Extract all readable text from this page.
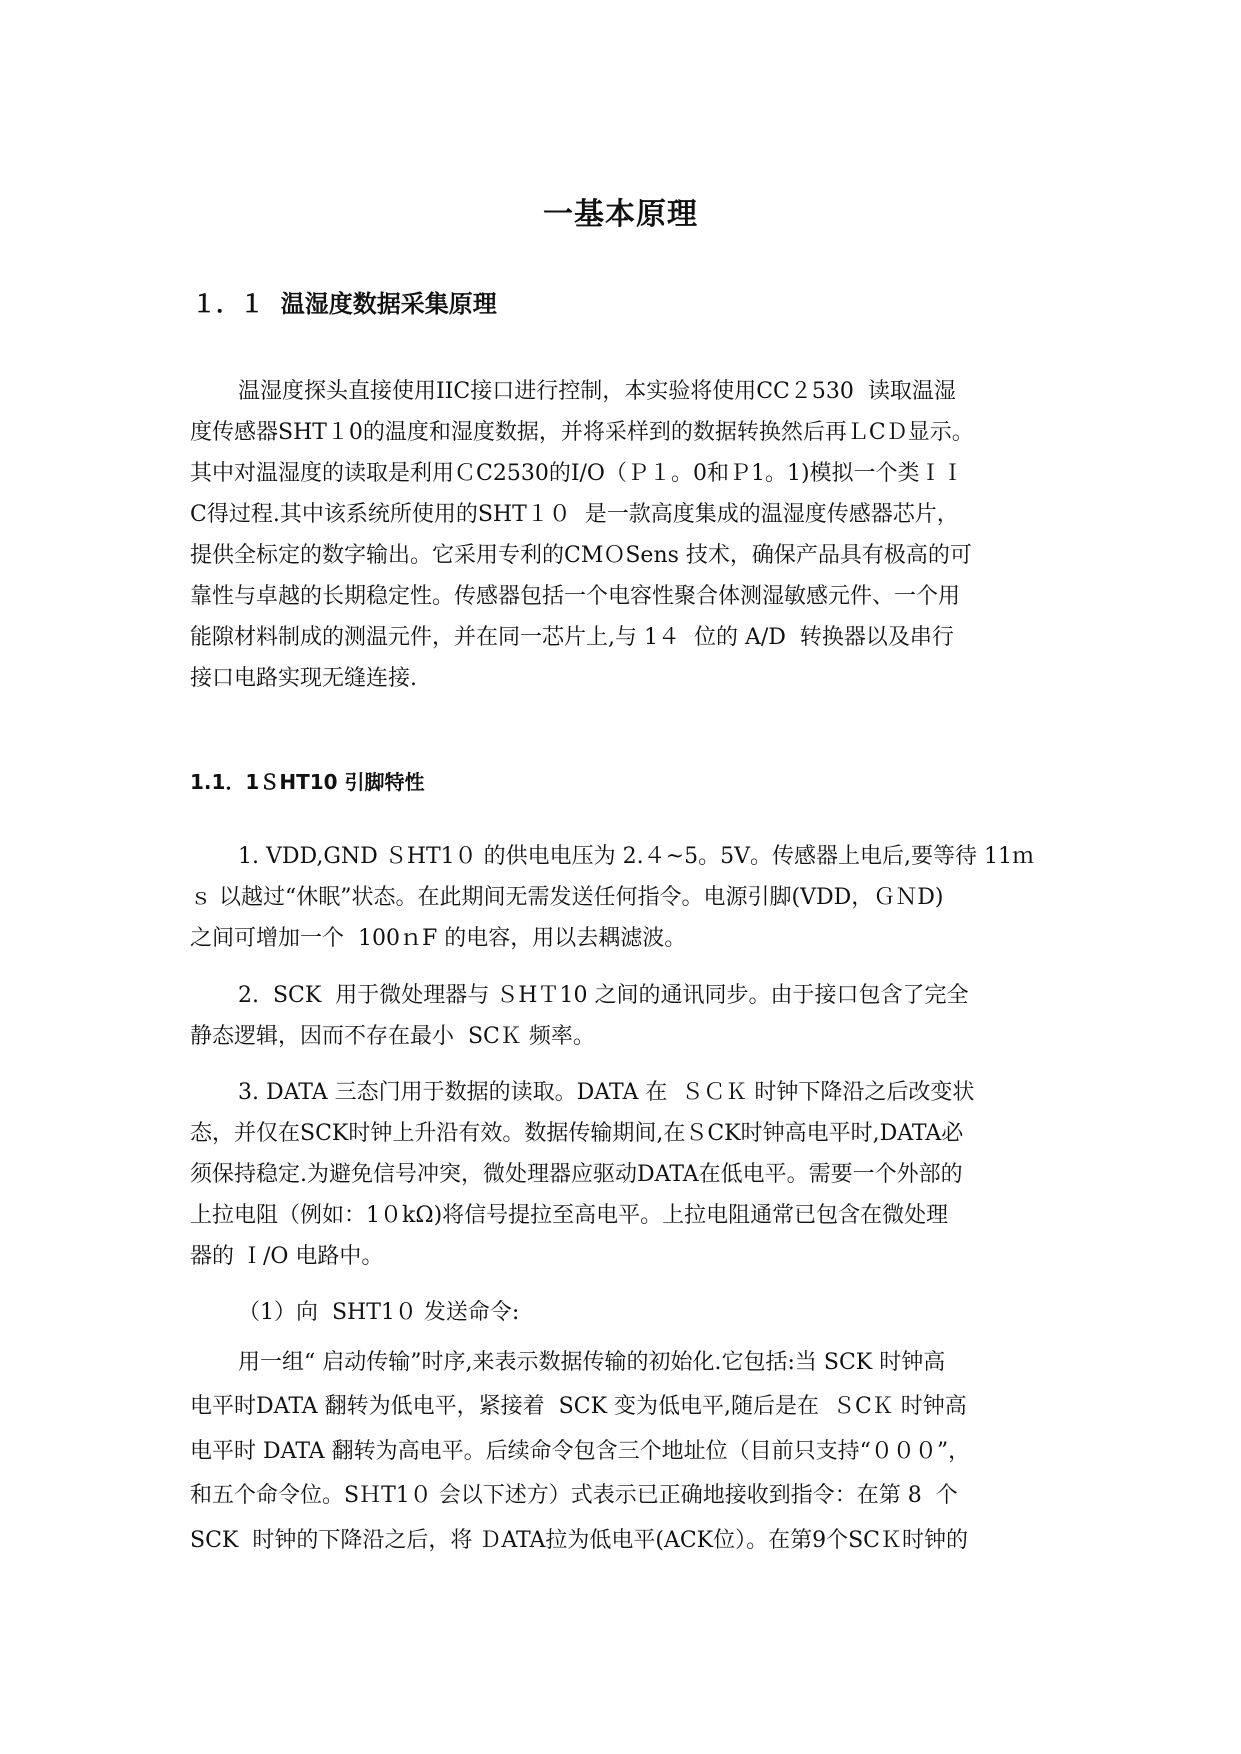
一基本原理
１．１  温湿度数据采集原理
温湿度探头直接使用IIC接口进行控制，本实验将使用CC２530  读取温湿
度传感器SHT１0的温度和湿度数据，并将采样到的数据转换然后再ＬCＤ显示。
其中对温湿度的读取是利用ＣC2530的I/O（Ｐ１。0和Ｐ1。1)模拟一个类ＩＩ
C得过程.其中该系统所使用的SHT１０  是一款高度集成的温湿度传感器芯片，
提供全标定的数字输出。它采用专利的CMＯSens 技术，确保产品具有极高的可
靠性与卓越的长期稳定性。传感器包括一个电容性聚合体测湿敏感元件、一个用
能隙材料制成的测温元件，并在同一芯片上,与 1４  位的 A/D  转换器以及串行
接口电路实现无缝连接.
1.1．1ＳHT10 引脚特性
1. VDD,GND ＳHT1０ 的供电电压为 2.４~5。5V。传感器上电后,要等待 11ｍ
ｓ 以越过“休眠”状态。在此期间无需发送任何指令。电源引脚(VDD，ＧＮD)
之间可增加一个  100ｎF 的电容，用以去耦滤波。
2.  SCK  用于微处理器与 ＳHＴ10 之间的通讯同步。由于接口包含了完全
静态逻辑，因而不存在最小  SCＫ 频率。
3. DATA 三态门用于数据的读取。DATA 在  ＳＣＫ 时钟下降沿之后改变状
态，并仅在SCK时钟上升沿有效。数据传输期间,在ＳCK时钟高电平时,DATA必
须保持稳定.为避免信号冲突，微处理器应驱动DATA在低电平。需要一个外部的
上拉电阻（例如：1０kΩ)将信号提拉至高电平。上拉电阻通常已包含在微处理
器的 Ｉ/O 电路中。
（1）向  SHT1０ 发送命令:
用一组“ 启动传输”时序,来表示数据传输的初始化.它包括:当 SCK 时钟高
电平时DATA 翻转为低电平，紧接着  SCK 变为低电平,随后是在  ＳCＫ 时钟高
电平时 DATA 翻转为高电平。后续命令包含三个地址位（目前只支持“０００”，
和五个命令位。SＨT1０ 会以下述方）式表示已正确地接收到指令：在第 8  个
SCK  时钟的下降沿之后，将 ＤATA拉为低电平(ACK位）。在第9个SCＫ时钟的
